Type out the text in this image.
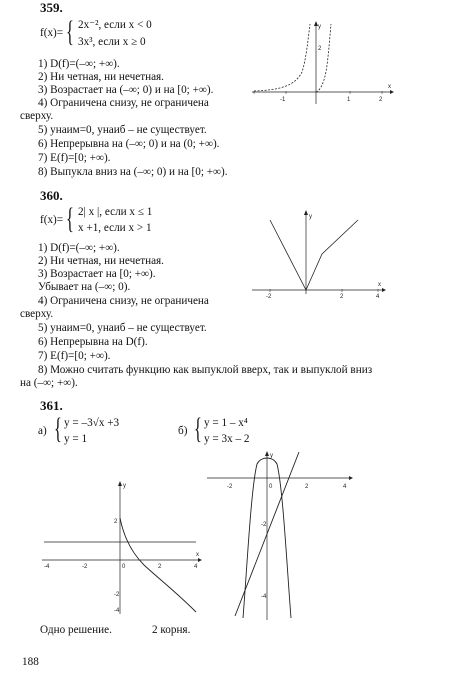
359.
f(x)= { 2x⁻², если x < 0
3x³, если x ≥ 0
1) D(f)=(–∞; +∞).
2) Ни четная, ни нечетная.
3) Возрастает на (–∞; 0) и на [0; +∞).
4) Ограничена снизу, не ограничена
сверху.
5) yнаим=0, yнаиб – не существует.
6) Непрерывна на (–∞; 0) и на (0; +∞).
7) E(f)=[0; +∞).
8) Выпукла вниз на (–∞; 0) и на [0; +∞).
-1	1	2
2
y
x
360.
f(x)= { 2| x |, если x ≤ 1
x +1, если x > 1
1) D(f)=(–∞; +∞).
2) Ни четная, ни нечетная.
3) Возрастает на [0; +∞).
Убывает на (–∞; 0).
4) Ограничена снизу, не ограничена
сверху.
5) yнаим=0, yнаиб – не существует.
6) Непрерывна на D(f).
7) E(f)=[0; +∞).
8) Можно считать функцию как выпуклой вверх, так и выпуклой вниз
на (–∞; +∞).
-2	2	4
y
x
361.
а) { y = –3√x +3
y = 1
б) { y = 1 – x⁴
y = 3x – 2
-4	-2	0	2	4
2
-2
-4
y
x
-2	0	2	4
-2
-4
y
Одно решение.	2 корня.
188
